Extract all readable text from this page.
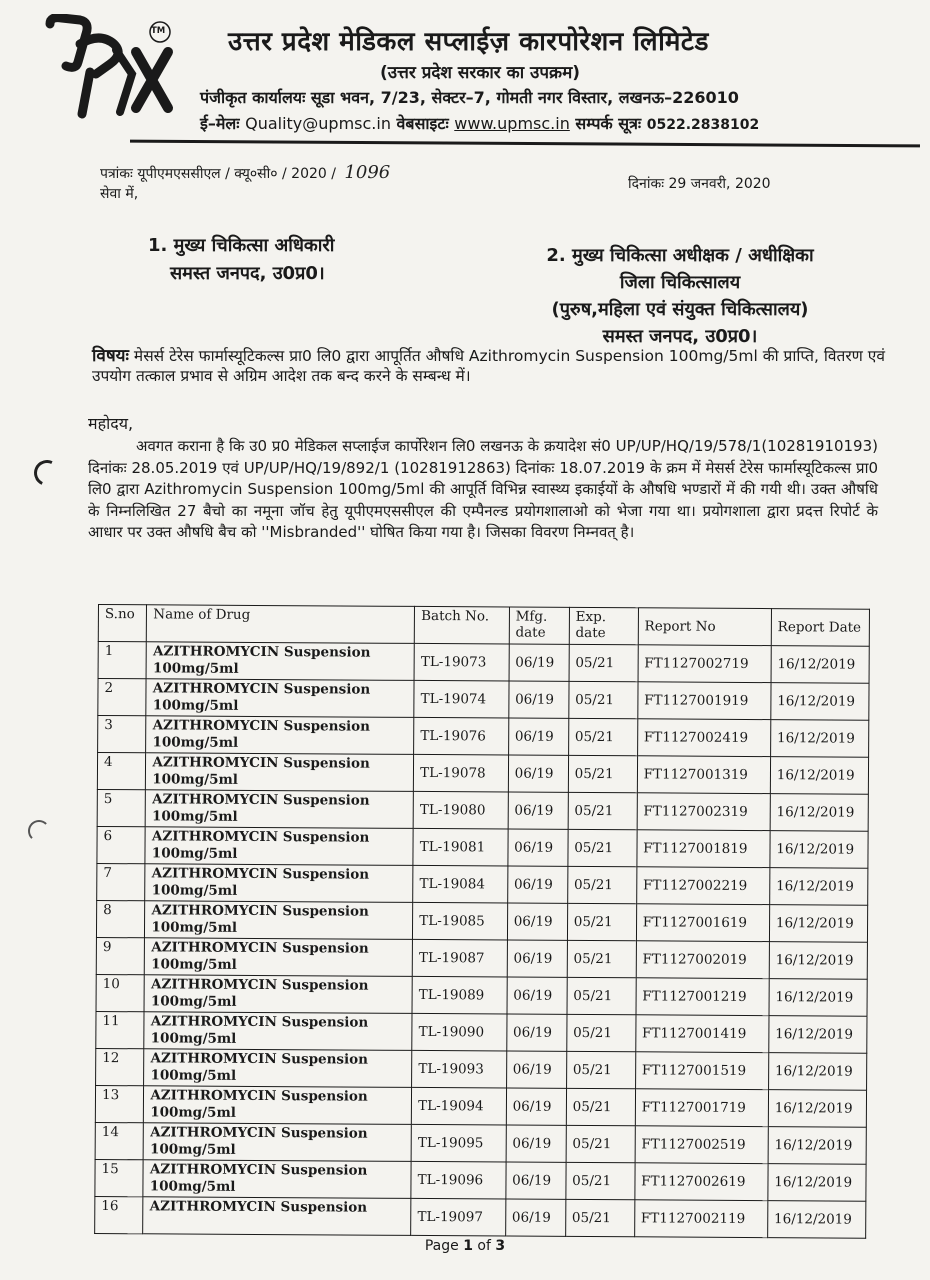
TM उत्तर प्रदेश मेडिकल सप्लाईज़ कारपोरेशन लिमिटेड
(उत्तर प्रदेश सरकार का उपक्रम)
पंजीकृत कार्यालयः सूडा भवन, 7/23, सेक्टर–7, गोमती नगर विस्तार, लखनऊ–226010
ई–मेलः Quality@upmsc.in वेबसाइटः www.upmsc.in सम्पर्क सूत्रः 0522.2838102
पत्रांकः यूपीएमएससीएल / क्यू०सी० / 2020 / 1096
सेवा में,
दिनांकः 29 जनवरी, 2020
1. मुख्य चिकित्सा अधिकारी
समस्त जनपद, उ0प्र0।
2. मुख्य चिकित्सा अधीक्षक / अधीक्षिका
जिला चिकित्सालय
(पुरुष,महिला एवं संयुक्त चिकित्सालय)
समस्त जनपद, उ0प्र0।
विषयः मेसर्स टेरेस फार्मास्यूटिकल्स प्रा0 लि0 द्वारा आपूर्तित औषधि Azithromycin Suspension 100mg/5ml की प्राप्ति, वितरण एवं उपयोग तत्काल प्रभाव से अग्रिम आदेश तक बन्द करने के सम्बन्ध में।
महोदय,

अवगत कराना है कि उ0 प्र0 मेडिकल सप्लाईज कार्पोरेशन लि0 लखनऊ के क्रयादेश सं0 UP/UP/HQ/19/578/1(10281910193) दिनांकः 28.05.2019 एवं UP/UP/HQ/19/892/1 (10281912863) दिनांकः 18.07.2019 के क्रम में मेसर्स टेरेस फार्मास्यूटिकल्स प्रा0 लि0 द्वारा Azithromycin Suspension 100mg/5ml की आपूर्ति विभिन्न स्वास्थ्य इकाईयों के औषधि भण्डारों में की गयी थी। उक्त औषधि के निम्नलिखित 27 बैचो का नमूना जॉच हेतु यूपीएमएससीएल की एम्पैनल्ड प्रयोगशालाओ को भेजा गया था। प्रयोगशाला द्वारा प्रदत्त रिपोर्ट के आधार पर उक्त औषधि बैच को ''Misbranded'' घोषित किया गया है। जिसका विवरण निम्नवत् है।

S.no	Name of Drug	Batch No.	Mfg. date	Exp. date	Report No	Report Date
1	AZITHROMYCIN Suspension
100mg/5ml	TL-19073	06/19	05/21	FT1127002719	16/12/2019
2	AZITHROMYCIN Suspension
100mg/5ml	TL-19074	06/19	05/21	FT1127001919	16/12/2019
3	AZITHROMYCIN Suspension
100mg/5ml	TL-19076	06/19	05/21	FT1127002419	16/12/2019
4	AZITHROMYCIN Suspension
100mg/5ml	TL-19078	06/19	05/21	FT1127001319	16/12/2019
5	AZITHROMYCIN Suspension
100mg/5ml	TL-19080	06/19	05/21	FT1127002319	16/12/2019
6	AZITHROMYCIN Suspension
100mg/5ml	TL-19081	06/19	05/21	FT1127001819	16/12/2019
7	AZITHROMYCIN Suspension
100mg/5ml	TL-19084	06/19	05/21	FT1127002219	16/12/2019
8	AZITHROMYCIN Suspension
100mg/5ml	TL-19085	06/19	05/21	FT1127001619	16/12/2019
9	AZITHROMYCIN Suspension
100mg/5ml	TL-19087	06/19	05/21	FT1127002019	16/12/2019
10	AZITHROMYCIN Suspension
100mg/5ml	TL-19089	06/19	05/21	FT1127001219	16/12/2019
11	AZITHROMYCIN Suspension
100mg/5ml	TL-19090	06/19	05/21	FT1127001419	16/12/2019
12	AZITHROMYCIN Suspension
100mg/5ml	TL-19093	06/19	05/21	FT1127001519	16/12/2019
13	AZITHROMYCIN Suspension
100mg/5ml	TL-19094	06/19	05/21	FT1127001719	16/12/2019
14	AZITHROMYCIN Suspension
100mg/5ml	TL-19095	06/19	05/21	FT1127002519	16/12/2019
15	AZITHROMYCIN Suspension
100mg/5ml	TL-19096	06/19	05/21	FT1127002619	16/12/2019
16	AZITHROMYCIN Suspension	TL-19097	06/19	05/21	FT1127002119	16/12/2019
Page 1 of 3
